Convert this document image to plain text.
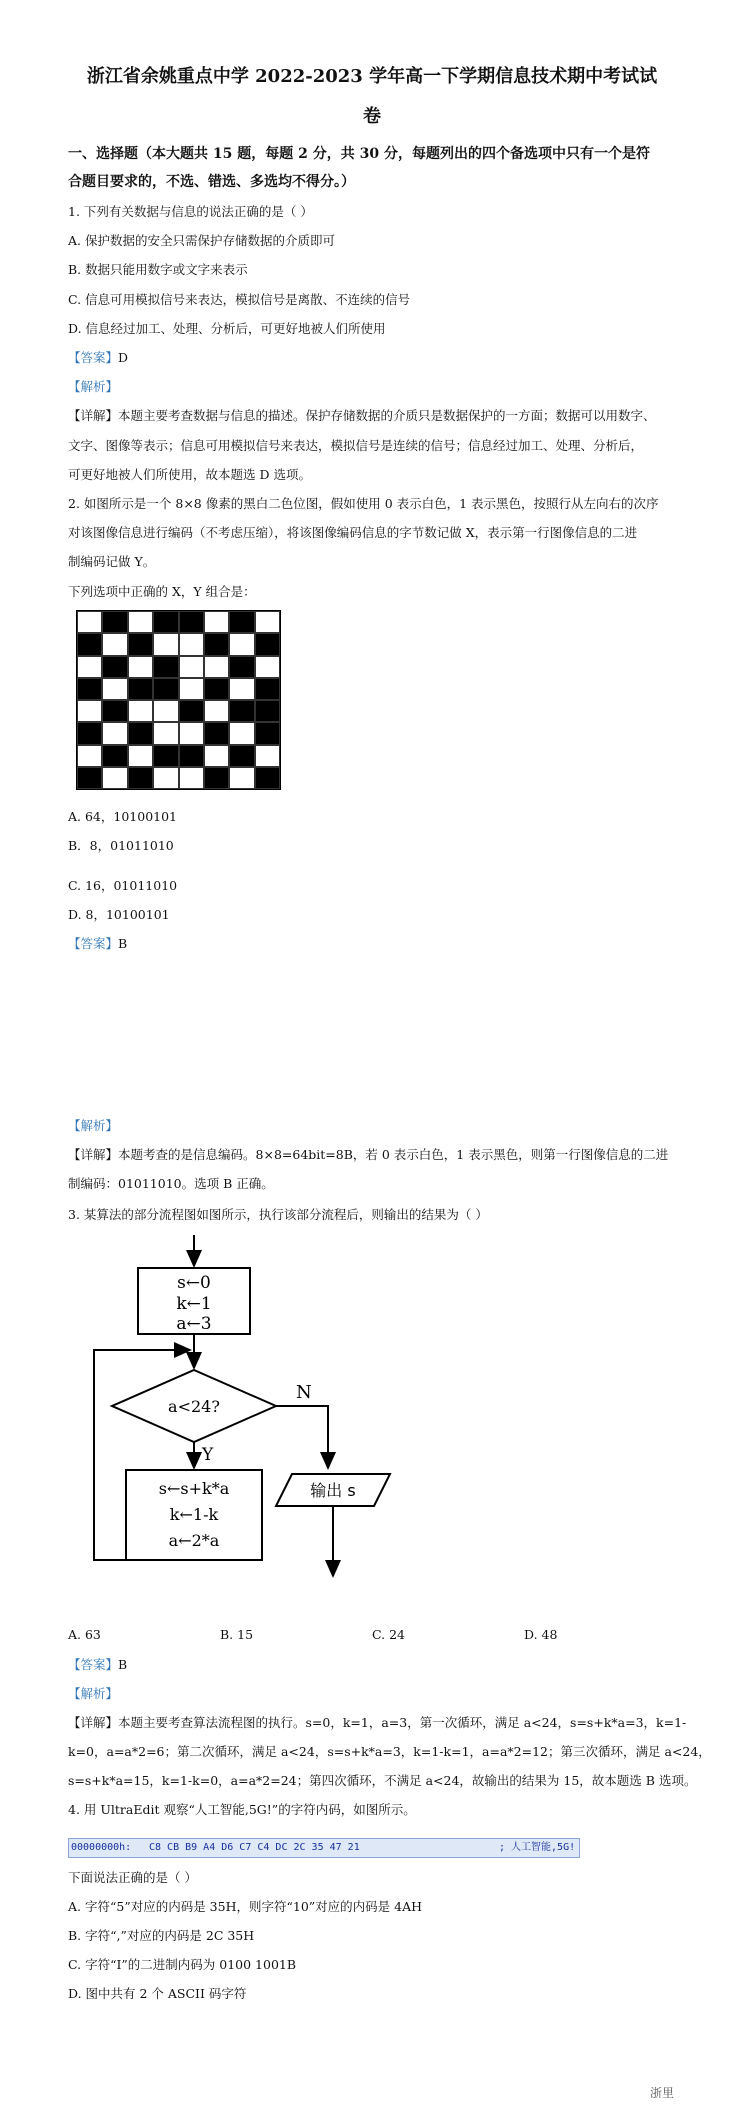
浙江省余姚重点中学 2022-2023 学年高一下学期信息技术期中考试试
卷
一、选择题（本大题共 15 题，每题 2 分，共 30 分，每题列出的四个备选项中只有一个是符
合题目要求的，不选、错选、多选均不得分。）
1. 下列有关数据与信息的说法正确的是（ ）
A. 保护数据的安全只需保护存储数据的介质即可
B. 数据只能用数字或文字来表示
C. 信息可用模拟信号来表达，模拟信号是离散、不连续的信号
D. 信息经过加工、处理、分析后，可更好地被人们所使用
【答案】D
【解析】
【详解】本题主要考查数据与信息的描述。保护存储数据的介质只是数据保护的一方面；数据可以用数字、
文字、图像等表示；信息可用模拟信号来表达，模拟信号是连续的信号；信息经过加工、处理、分析后，
可更好地被人们所使用，故本题选 D 选项。
2. 如图所示是一个 8×8 像素的黑白二色位图，假如使用 0 表示白色，1 表示黑色，按照行从左向右的次序
对该图像信息进行编码（不考虑压缩），将该图像编码信息的字节数记做 X，表示第一行图像信息的二进
制编码记做 Y。
下列选项中正确的 X，Y 组合是：
A. 64，10100101
B．8，01011010
C. 16，01011010
D. 8，10100101
【答案】B
【解析】
【详解】本题考查的是信息编码。8×8=64bit=8B，若 0 表示白色，1 表示黑色，则第一行图像信息的二进
制编码：01011010。选项 B 正确。
3. 某算法的部分流程图如图所示，执行该部分流程后，则输出的结果为（ ）
s←0
k←1
a←3
a<24?
N
Y
s←s+k*a
k←1-k
a←2*a
输出 s
A. 63	B. 15	C. 24	D. 48
【答案】B
【解析】
【详解】本题主要考查算法流程图的执行。s=0，k=1，a=3，第一次循环，满足 a<24，s=s+k*a=3，k=1-
k=0，a=a*2=6；第二次循环，满足 a<24，s=s+k*a=3，k=1-k=1，a=a*2=12；第三次循环，满足 a<24，
s=s+k*a=15，k=1-k=0，a=a*2=24；第四次循环，不满足 a<24，故输出的结果为 15，故本题选 B 选项。
4. 用 UltraEdit 观察“人工智能,5G!”的字符内码，如图所示。
00000000h: C8 CB B9 A4 D6 C7 C4 DC 2C 35 47 21	; 人工智能,5G!
下面说法正确的是（ ）
A. 字符“5”对应的内码是 35H，则字符“10”对应的内码是 4AH
B. 字符“,”对应的内码是 2C 35H
C. 字符“I”的二进制内码为 0100 1001B
D. 图中共有 2 个 ASCII 码字符
浙里
